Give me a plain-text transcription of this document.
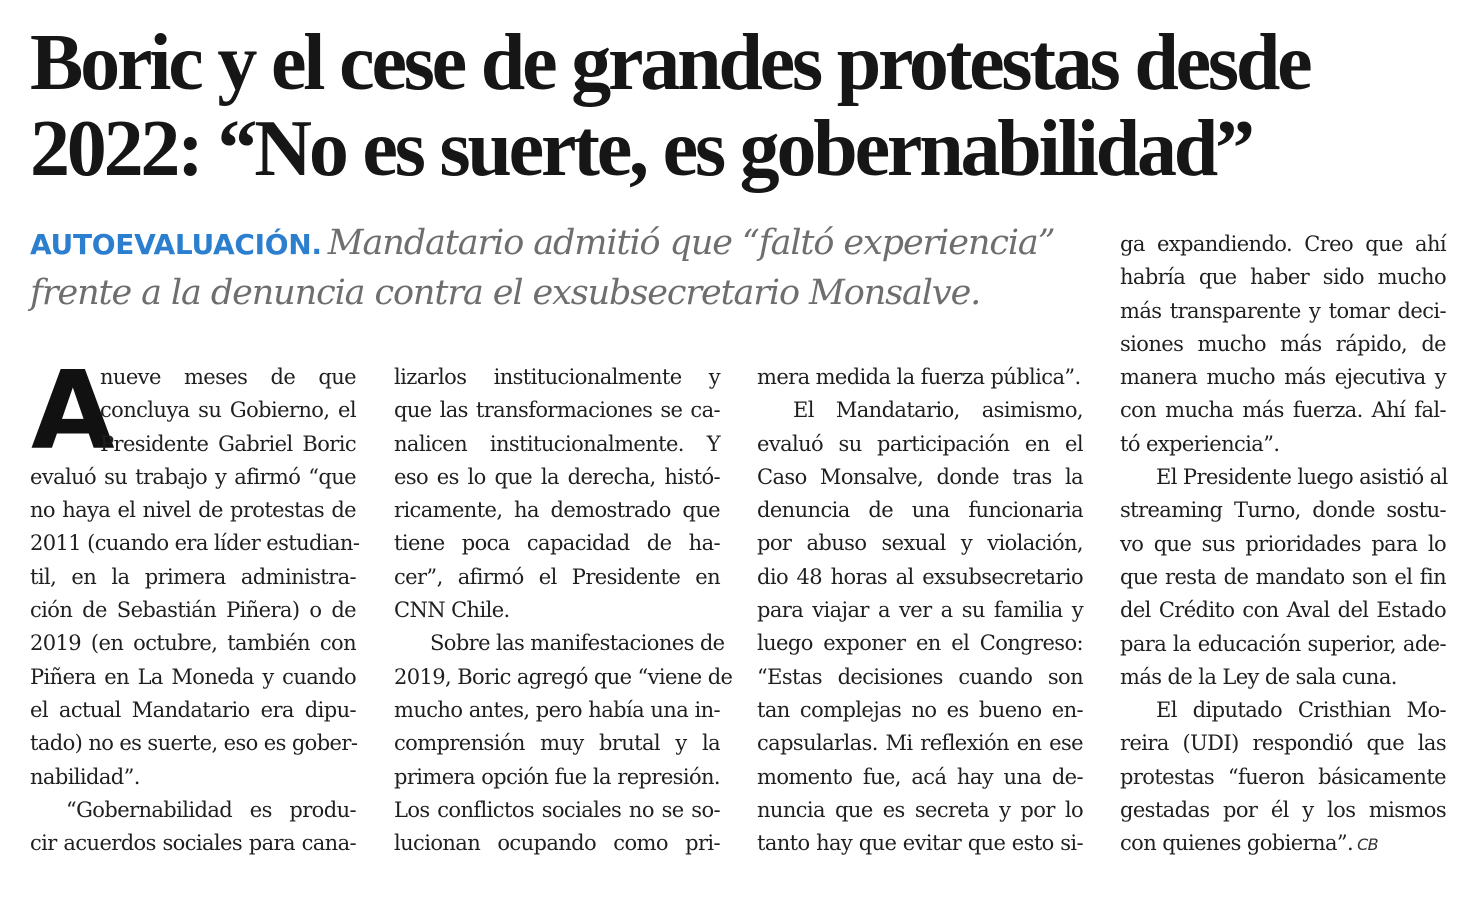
Boric y el cese de grandes protestas desde
2022: “No es suerte, es gobernabilidad”

AUTOEVALUACIÓN. Mandatario admitió que “faltó experiencia”
frente a la denuncia contra el exsubsecretario Monsalve.

A
nueve meses de que
concluya su Gobierno, el
Presidente Gabriel Boric
evaluó su trabajo y afirmó “que
no haya el nivel de protestas de
2011 (cuando era líder estudian-
til, en la primera administra-
ción de Sebastián Piñera) o de
2019 (en octubre, también con
Piñera en La Moneda y cuando
el actual Mandatario era dipu-
tado) no es suerte, eso es gober-
nabilidad”.
“Gobernabilidad es produ-
cir acuerdos sociales para cana-
lizarlos institucionalmente y
que las transformaciones se ca-
nalicen institucionalmente. Y
eso es lo que la derecha, histó-
ricamente, ha demostrado que
tiene poca capacidad de ha-
cer”, afirmó el Presidente en
CNN Chile.
Sobre las manifestaciones de
2019, Boric agregó que “viene de
mucho antes, pero había una in-
comprensión muy brutal y la
primera opción fue la represión.
Los conflictos sociales no se so-
lucionan ocupando como pri-
mera medida la fuerza pública”.
El Mandatario, asimismo,
evaluó su participación en el
Caso Monsalve, donde tras la
denuncia de una funcionaria
por abuso sexual y violación,
dio 48 horas al exsubsecretario
para viajar a ver a su familia y
luego exponer en el Congreso:
“Estas decisiones cuando son
tan complejas no es bueno en-
capsularlas. Mi reflexión en ese
momento fue, acá hay una de-
nuncia que es secreta y por lo
tanto hay que evitar que esto si-
ga expandiendo. Creo que ahí
habría que haber sido mucho
más transparente y tomar deci-
siones mucho más rápido, de
manera mucho más ejecutiva y
con mucha más fuerza. Ahí fal-
tó experiencia”.
El Presidente luego asistió al
streaming Turno, donde sostu-
vo que sus prioridades para lo
que resta de mandato son el fin
del Crédito con Aval del Estado
para la educación superior, ade-
más de la Ley de sala cuna.
El diputado Cristhian Mo-
reira (UDI) respondió que las
protestas “fueron básicamente
gestadas por él y los mismos
con quienes gobierna”. CB
